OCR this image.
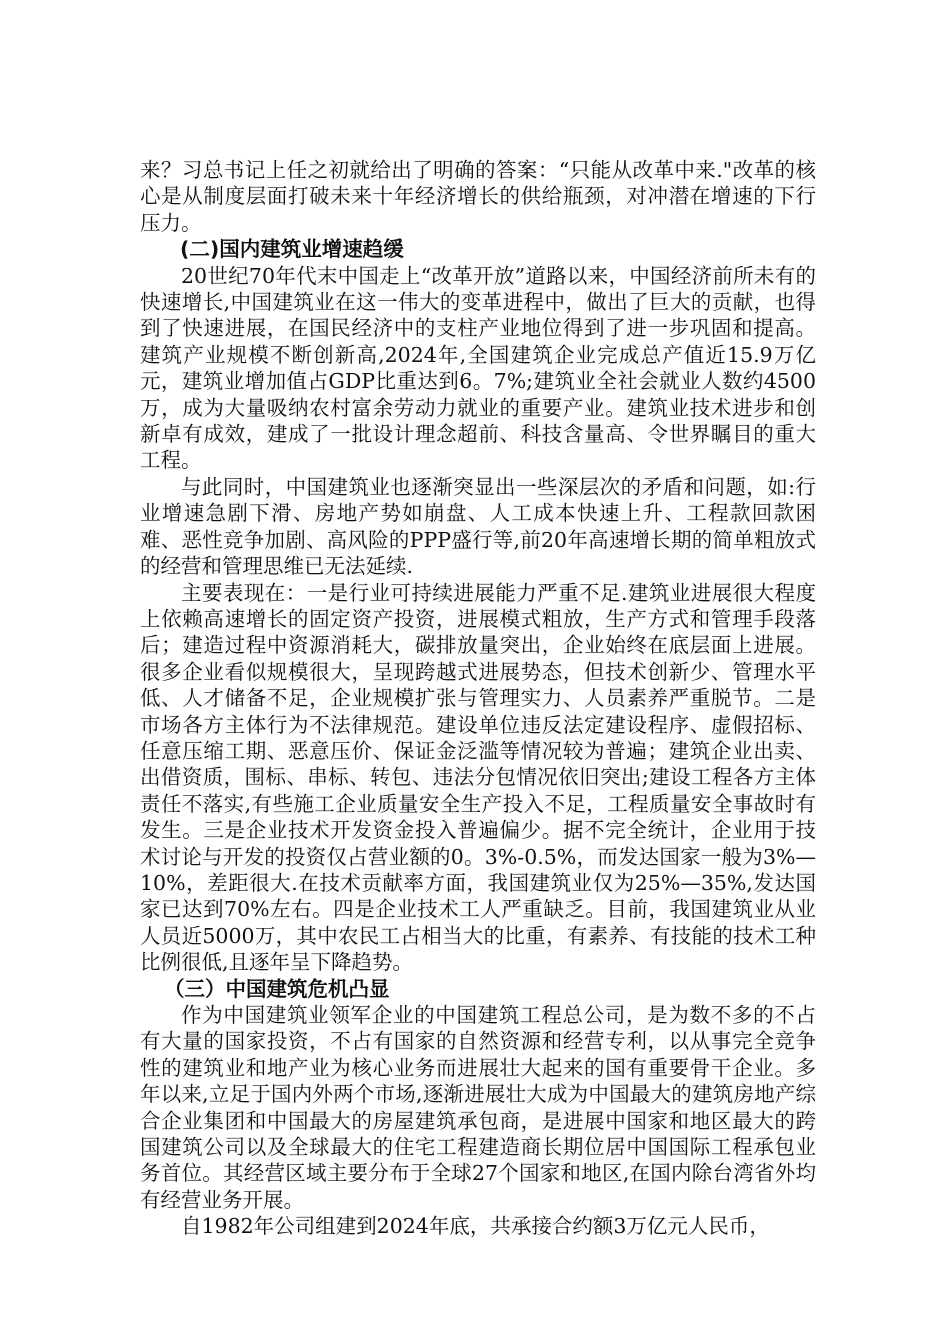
来？习总书记上任之初就给出了明确的答案：“只能从改革中来."改革的核心是从制度层面打破未来十年经济增长的供给瓶颈，对冲潜在增速的下行压力。

(二)国内建筑业增速趋缓

20世纪70年代末中国走上“改革开放”道路以来，中国经济前所未有的快速增长,中国建筑业在这一伟大的变革进程中，做出了巨大的贡献，也得到了快速进展，在国民经济中的支柱产业地位得到了进一步巩固和提高。建筑产业规模不断创新高,2024年,全国建筑企业完成总产值近15.9万亿元，建筑业增加值占GDP比重达到6。7%;建筑业全社会就业人数约4500万，成为大量吸纳农村富余劳动力就业的重要产业。建筑业技术进步和创新卓有成效，建成了一批设计理念超前、科技含量高、令世界瞩目的重大工程。

与此同时，中国建筑业也逐渐突显出一些深层次的矛盾和问题，如:行业增速急剧下滑、房地产势如崩盘、人工成本快速上升、工程款回款困难、恶性竞争加剧、高风险的PPP盛行等,前20年高速增长期的简单粗放式的经营和管理思维已无法延续.

主要表现在：一是行业可持续进展能力严重不足.建筑业进展很大程度上依赖高速增长的固定资产投资，进展模式粗放，生产方式和管理手段落后；建造过程中资源消耗大，碳排放量突出，企业始终在底层面上进展。很多企业看似规模很大，呈现跨越式进展势态，但技术创新少、管理水平低、人才储备不足，企业规模扩张与管理实力、人员素养严重脱节。二是市场各方主体行为不法律规范。建设单位违反法定建设程序、虚假招标、任意压缩工期、恶意压价、保证金泛滥等情况较为普遍；建筑企业出卖、出借资质，围标、串标、转包、违法分包情况依旧突出;建设工程各方主体责任不落实,有些施工企业质量安全生产投入不足，工程质量安全事故时有发生。三是企业技术开发资金投入普遍偏少。据不完全统计，企业用于技术讨论与开发的投资仅占营业额的0。3%-0.5%，而发达国家一般为3%—10%，差距很大.在技术贡献率方面，我国建筑业仅为25%—35%,发达国家已达到70%左右。四是企业技术工人严重缺乏。目前，我国建筑业从业人员近5000万，其中农民工占相当大的比重，有素养、有技能的技术工种比例很低,且逐年呈下降趋势。

（三）中国建筑危机凸显

作为中国建筑业领军企业的中国建筑工程总公司，是为数不多的不占有大量的国家投资，不占有国家的自然资源和经营专利，以从事完全竞争性的建筑业和地产业为核心业务而进展壮大起来的国有重要骨干企业。多年以来,立足于国内外两个市场,逐渐进展壮大成为中国最大的建筑房地产综合企业集团和中国最大的房屋建筑承包商，是进展中国家和地区最大的跨国建筑公司以及全球最大的住宅工程建造商长期位居中国国际工程承包业务首位。其经营区域主要分布于全球27个国家和地区,在国内除台湾省外均有经营业务开展。

自1982年公司组建到2024年底，共承接合约额3万亿元人民币，
